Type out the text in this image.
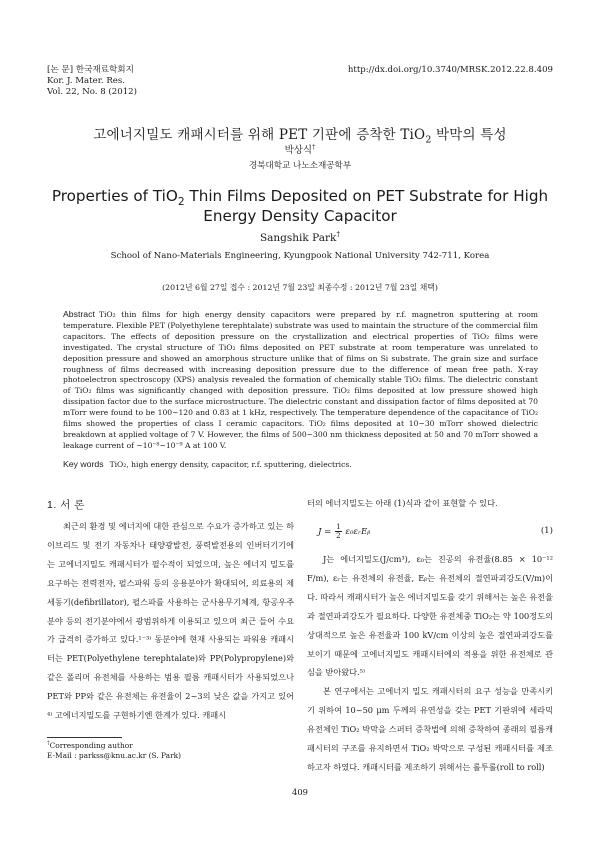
[논 문] 한국재료학회지
Kor. J. Mater. Res.
Vol. 22, No. 8 (2012)
http://dx.doi.org/10.3740/MRSK.2012.22.8.409
고에너지밀도 캐패시터를 위해 PET 기판에 증착한 TiO$_2$ 박막의 특성
박상식†
경북대학교 나노소재공학부
Properties of TiO$_2$ Thin Films Deposited on PET Substrate for High
Energy Density Capacitor
Sangshik Park†
School of Nano-Materials Engineering, Kyungpook National University 742-711, Korea
(2012년 6월 27일 접수 : 2012년 7월 23일 최종수정 : 2012년 7월 23일 채택)
Abstract TiO₂ thin films for high energy density capacitors were prepared by r.f. magnetron sputtering at room temperature. Flexible PET (Polyethylene terephtalate) substrate was used to maintain the structure of the commercial film capacitors. The effects of deposition pressure on the crystallization and electrical properties of TiO₂ films were investigated. The crystal structure of TiO₂ films deposited on PET substrate at room temperature was unrelated to deposition pressure and showed an amorphous structure unlike that of films on Si substrate. The grain size and surface roughness of films decreased with increasing deposition pressure due to the difference of mean free path. X-ray photoelectron spectroscopy (XPS) analysis revealed the formation of chemically stable TiO₂ films. The dielectric constant of TiO₂ films was significantly changed with deposition pressure. TiO₂ films deposited at low pressure showed high dissipation factor due to the surface microstructure. The dielectric constant and dissipation factor of films deposited at 70 mTorr were found to be 100~120 and 0.83 at 1 kHz, respectively. The temperature dependence of the capacitance of TiO₂ films showed the properties of class I ceramic capacitors. TiO₂ films deposited at 10~30 mTorr showed dielectric breakdown at applied voltage of 7 V. However, the films of 500~300 nm thickness deposited at 50 and 70 mTorr showed a leakage current of ~10⁻⁸~10⁻⁹ A at 100 V.
Key words TiO₂, high energy density, capacitor, r.f. sputtering, dielectrics.
1. 서 론

최근의 환경 및 에너지에 대한 관심으로 수요가 증가하고 있는 하이브리드 및 전기 자동차나 태양광발전, 풍력발전용의 인버터기기에는 고에너지밀도 캐패시터가 필수적이 되었으며, 높은 에너지 밀도를 요구하는 전력전자, 펄스파워 등의 응용분야가 확대되어, 의료용의 제세동기(defibrillator), 펄스파를 사용하는 군사용무기체계, 항공우주분야 등의 전기분야에서 광범위하게 이용되고 있으며 최근 들어 수요가 급격히 증가하고 있다.¹⁻³⁾ 동분야에 현재 사용되는 파워용 캐패시터는 PET(Polyethylene terephtalate)와 PP(Polypropylene)와 같은 폴리머 유전체를 사용하는 범용 필름 캐패시터가 사용되었으나 PET와 PP와 같은 유전체는 유전율이 2~3의 낮은 값을 가지고 있어⁴⁾ 고에너지밀도를 구현하기엔 한계가 있다. 캐패시

터의 에너지밀도는 아래 (1)식과 같이 표현할 수 있다.

$J = \frac{1}{2}$ ε₀εᵣEᵦ	(1)

J는 에너지밀도(J/cm³), ε₀는 진공의 유전율(8.85 × 10⁻¹² F/m), εᵣ는 유전체의 유전율, Eᵦ는 유전체의 절연파괴강도(V/m)이다. 따라서 캐패시터가 높은 에너지밀도를 갖기 위해서는 높은 유전율과 절연파괴강도가 필요하다. 다양한 유전체중 TiO₂는 약 100정도의 상대적으로 높은 유전율과 100 kV/cm 이상의 높은 절연파괴강도를 보이기 때문에 고에너지밀도 캐패시터에의 적용을 위한 유전체로 관심을 받아왔다.⁵⁾

본 연구에서는 고에너지 밀도 캐패시터의 요구 성능을 만족시키기 위하여 10~50 μm 두께의 유연성을 갖는 PET 기판위에 세라믹 유전체인 TiO₂ 박막을 스퍼터 증착법에 의해 증착하여 종래의 필름캐패시터의 구조를 유지하면서 TiO₂ 박막으로 구성된 캐패시터를 제조하고자 하였다. 캐패시터를 제조하기 위해서는 롤투롤(roll to roll)

†Corresponding author
E-Mail : parkss@knu.ac.kr (S. Park)
409
